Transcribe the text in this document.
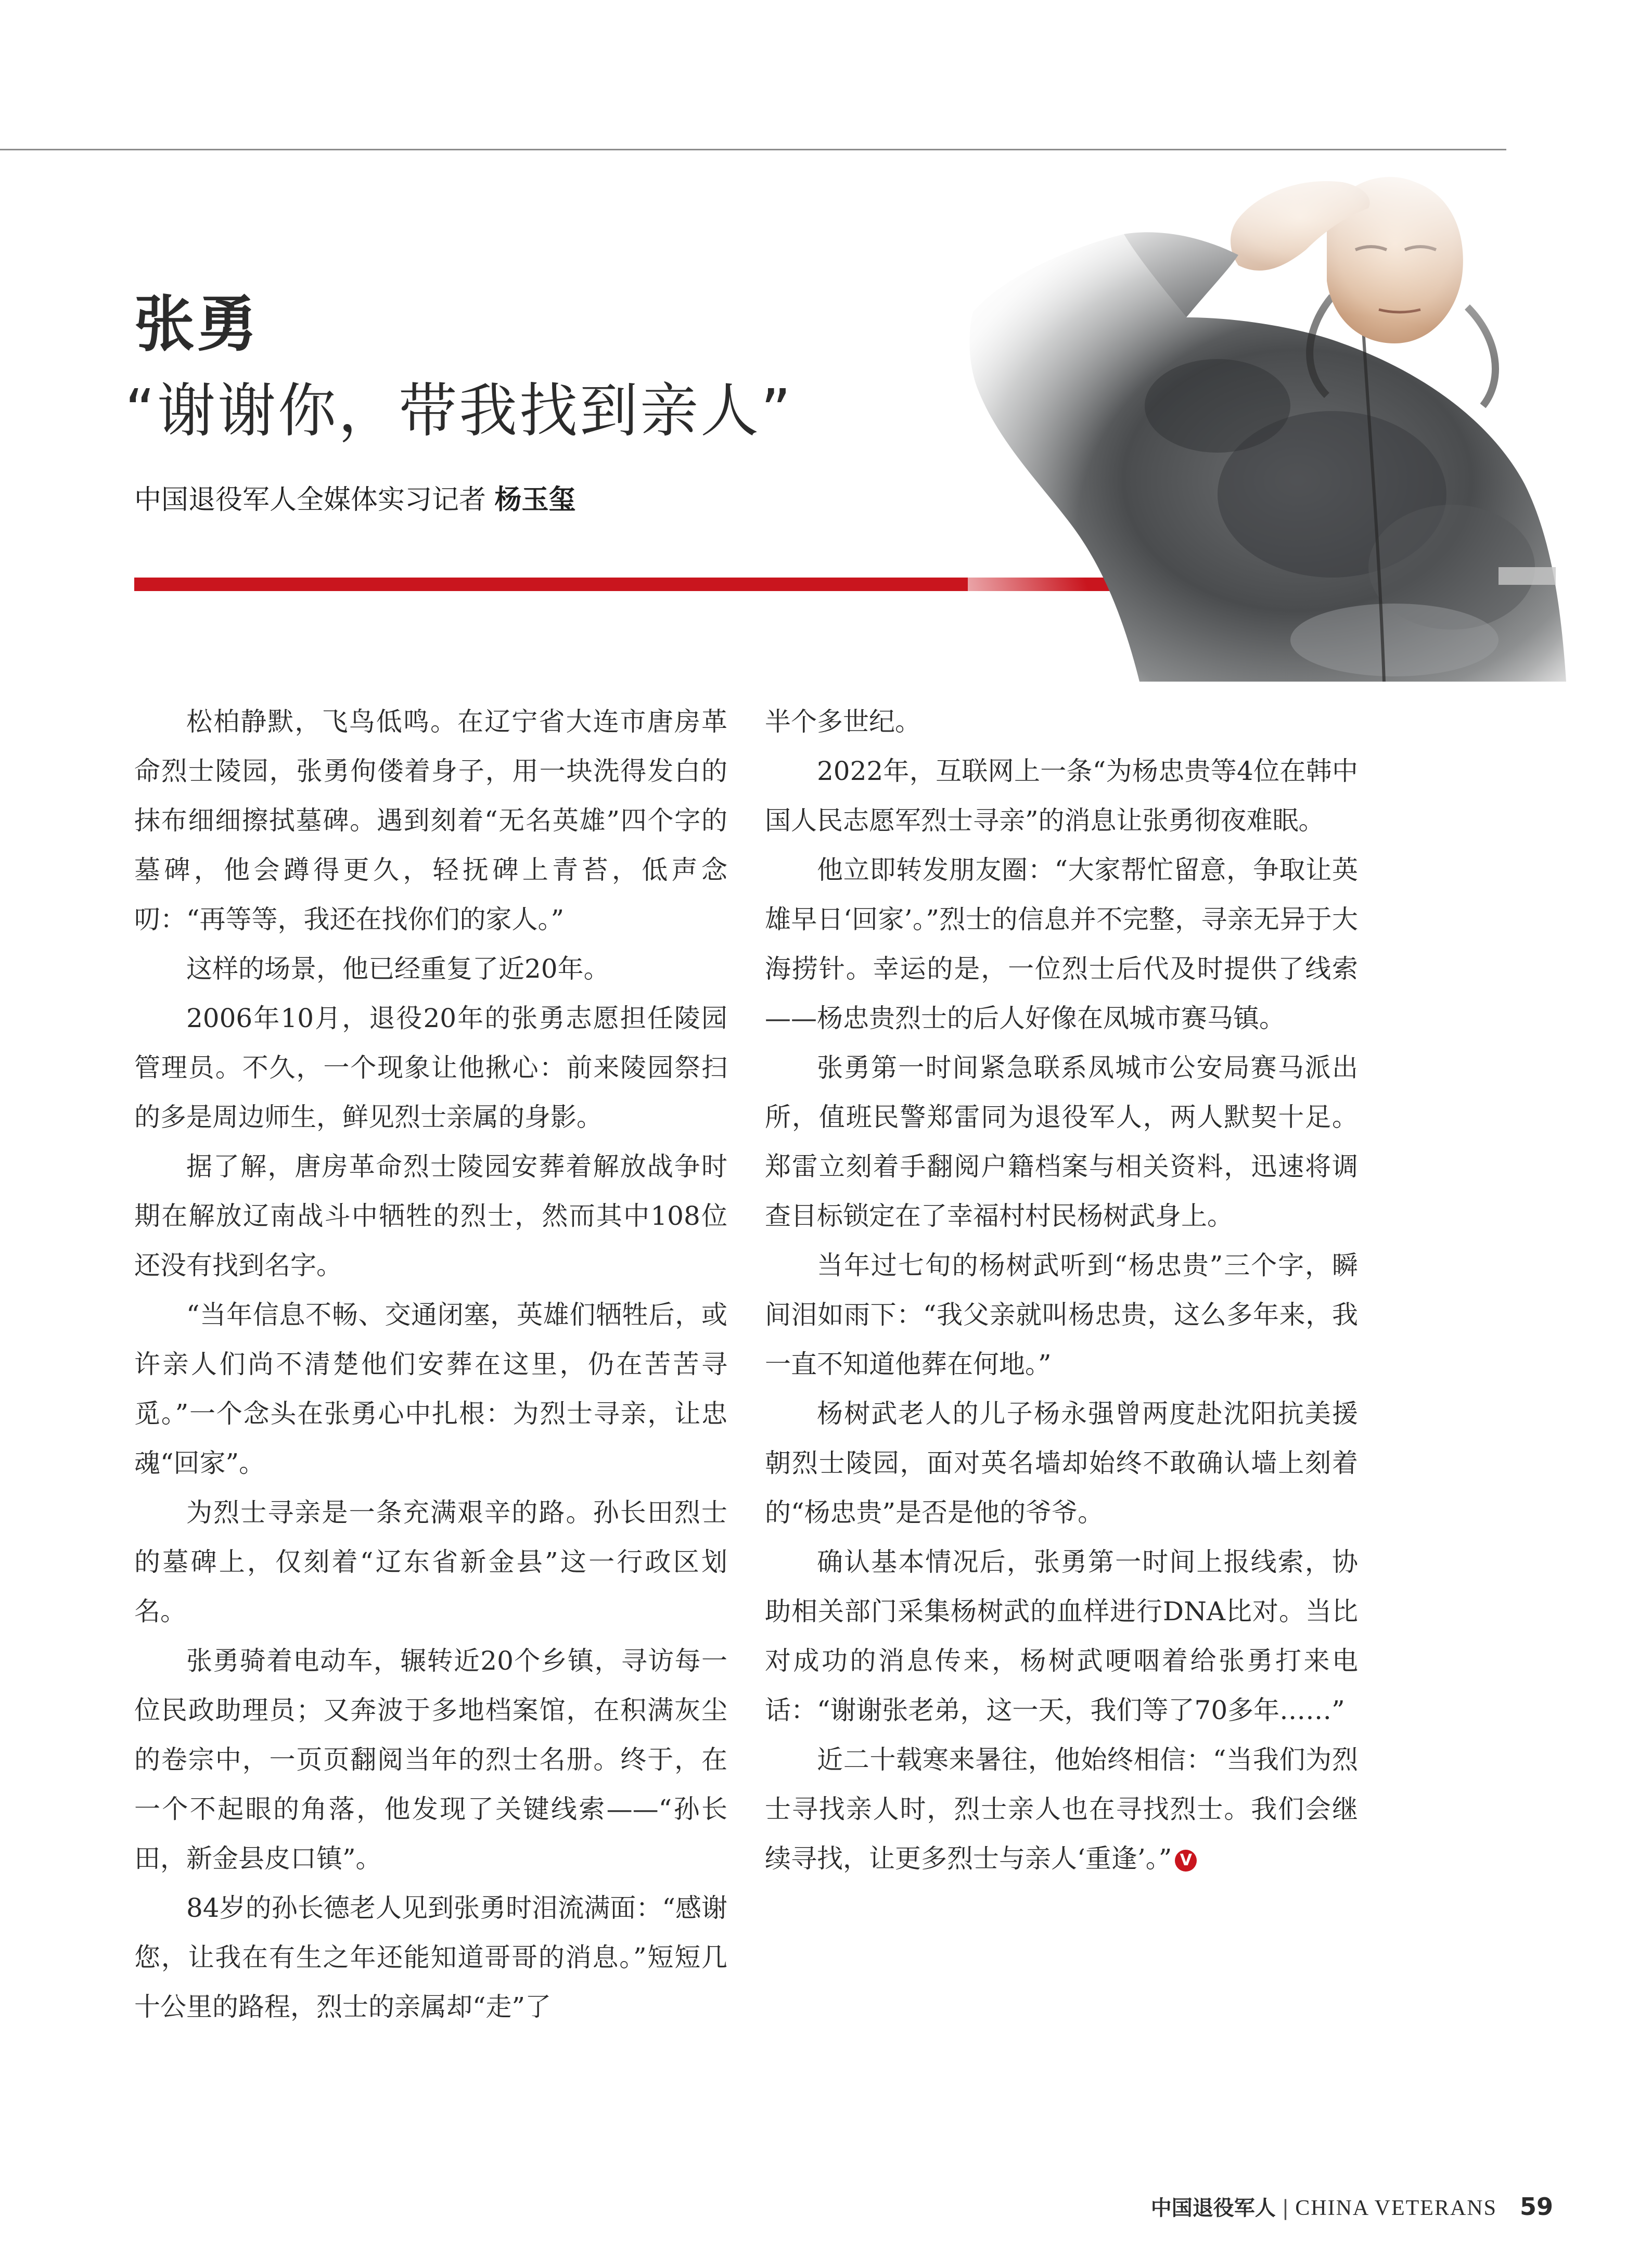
张勇
“谢谢你，带我找到亲人”
中国退役军人全媒体实习记者 杨玉玺

松柏静默，飞鸟低鸣。在辽宁省大连市唐房革命烈士陵园，张勇佝偻着身子，用一块洗得发白的抹布细细擦拭墓碑。遇到刻着“无名英雄”四个字的墓碑，他会蹲得更久，轻抚碑上青苔，低声念叨：“再等等，我还在找你们的家人。”

这样的场景，他已经重复了近20年。

2006年10月，退役20年的张勇志愿担任陵园管理员。不久，一个现象让他揪心：前来陵园祭扫的多是周边师生，鲜见烈士亲属的身影。

据了解，唐房革命烈士陵园安葬着解放战争时期在解放辽南战斗中牺牲的烈士，然而其中108位还没有找到名字。

“当年信息不畅、交通闭塞，英雄们牺牲后，或许亲人们尚不清楚他们安葬在这里，仍在苦苦寻觅。”一个念头在张勇心中扎根：为烈士寻亲，让忠魂“回家”。

为烈士寻亲是一条充满艰辛的路。孙长田烈士的墓碑上，仅刻着“辽东省新金县”这一行政区划名。

张勇骑着电动车，辗转近20个乡镇，寻访每一位民政助理员；又奔波于多地档案馆，在积满灰尘的卷宗中，一页页翻阅当年的烈士名册。终于，在一个不起眼的角落，他发现了关键线索——“孙长田，新金县皮口镇”。

84岁的孙长德老人见到张勇时泪流满面：“感谢您，让我在有生之年还能知道哥哥的消息。”短短几十公里的路程，烈士的亲属却“走”了

半个多世纪。

2022年，互联网上一条“为杨忠贵等4位在韩中国人民志愿军烈士寻亲”的消息让张勇彻夜难眠。

他立即转发朋友圈：“大家帮忙留意，争取让英雄早日‘回家’。”烈士的信息并不完整，寻亲无异于大海捞针。幸运的是，一位烈士后代及时提供了线索——杨忠贵烈士的后人好像在凤城市赛马镇。

张勇第一时间紧急联系凤城市公安局赛马派出所，值班民警郑雷同为退役军人，两人默契十足。郑雷立刻着手翻阅户籍档案与相关资料，迅速将调查目标锁定在了幸福村村民杨树武身上。

当年过七旬的杨树武听到“杨忠贵”三个字，瞬间泪如雨下：“我父亲就叫杨忠贵，这么多年来，我一直不知道他葬在何地。”

杨树武老人的儿子杨永强曾两度赴沈阳抗美援朝烈士陵园，面对英名墙却始终不敢确认墙上刻着的“杨忠贵”是否是他的爷爷。

确认基本情况后，张勇第一时间上报线索，协助相关部门采集杨树武的血样进行DNA比对。当比对成功的消息传来，杨树武哽咽着给张勇打来电话：“谢谢张老弟，这一天，我们等了70多年……”

近二十载寒来暑往，他始终相信：“当我们为烈士寻找亲人时，烈士亲人也在寻找烈士。我们会继续寻找，让更多烈士与亲人‘重逢’。” V

中国退役军人 | CHINA VETERANS 59
